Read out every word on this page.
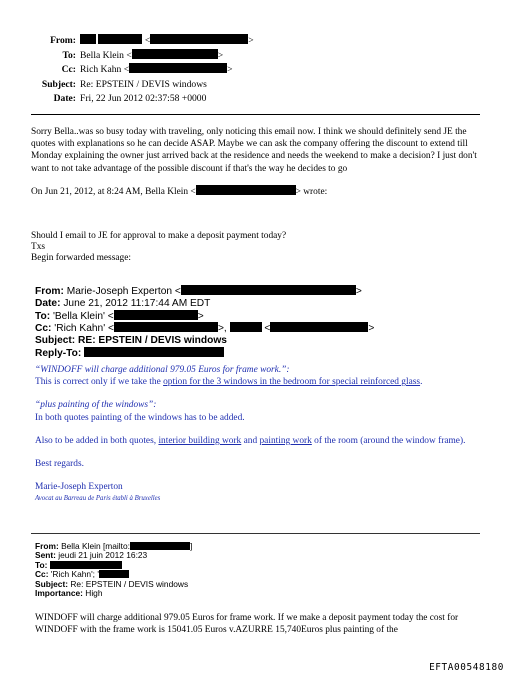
From:	<	>
To: Bella Klein <	>
Cc: Rich Kahn <	>
Subject: Re: EPSTEIN / DEVIS windows
Date: Fri, 22 Jun 2012 02:37:58 +0000
Sorry Bella..was so busy today with traveling, only noticing this email now. I think we should definitely send JE the quotes with explanations so he can decide ASAP. Maybe we can ask the company offering the discount to extend till Monday explaining the owner just arrived back at the residence and needs the weekend to make a decision? I just don't want to not take advantage of the possible discount if that's the way he decides to go
On Jun 21, 2012, at 8:24 AM, Bella Klein <	> wrote:
Should I email to JE for approval to make a deposit payment today?
Txs
Begin forwarded message:
From: Marie-Joseph Experton <	>
Date: June 21, 2012 11:17:44 AM EDT
To: 'Bella Klein' <	>
Cc: 'Rich Kahn' <	>,	<	>
Subject: RE: EPSTEIN / DEVIS windows
Reply-To:
“WINDOFF will charge additional 979.05 Euros for frame work.”:
This is correct only if we take the option for the 3 windows in the bedroom for special reinforced glass.
“plus painting of the windows”:
In both quotes painting of the windows has to be added.
Also to be added in both quotes, interior building work and painting work of the room (around the window frame).
Best regards.
Marie-Joseph Experton
Avocat au Barreau de Paris établi à Bruxelles
From: Bella Klein [mailto:	]
Sent: jeudi 21 juin 2012 16:23
To:
Cc: 'Rich Kahn'; '
Subject: Re: EPSTEIN / DEVIS windows
Importance: High
WINDOFF will charge additional 979.05 Euros for frame work. If we make a deposit payment today the cost for WINDOFF with the frame work is 15041.05 Euros v.AZURRE 15,740Euros plus painting of the
EFTA00548180
